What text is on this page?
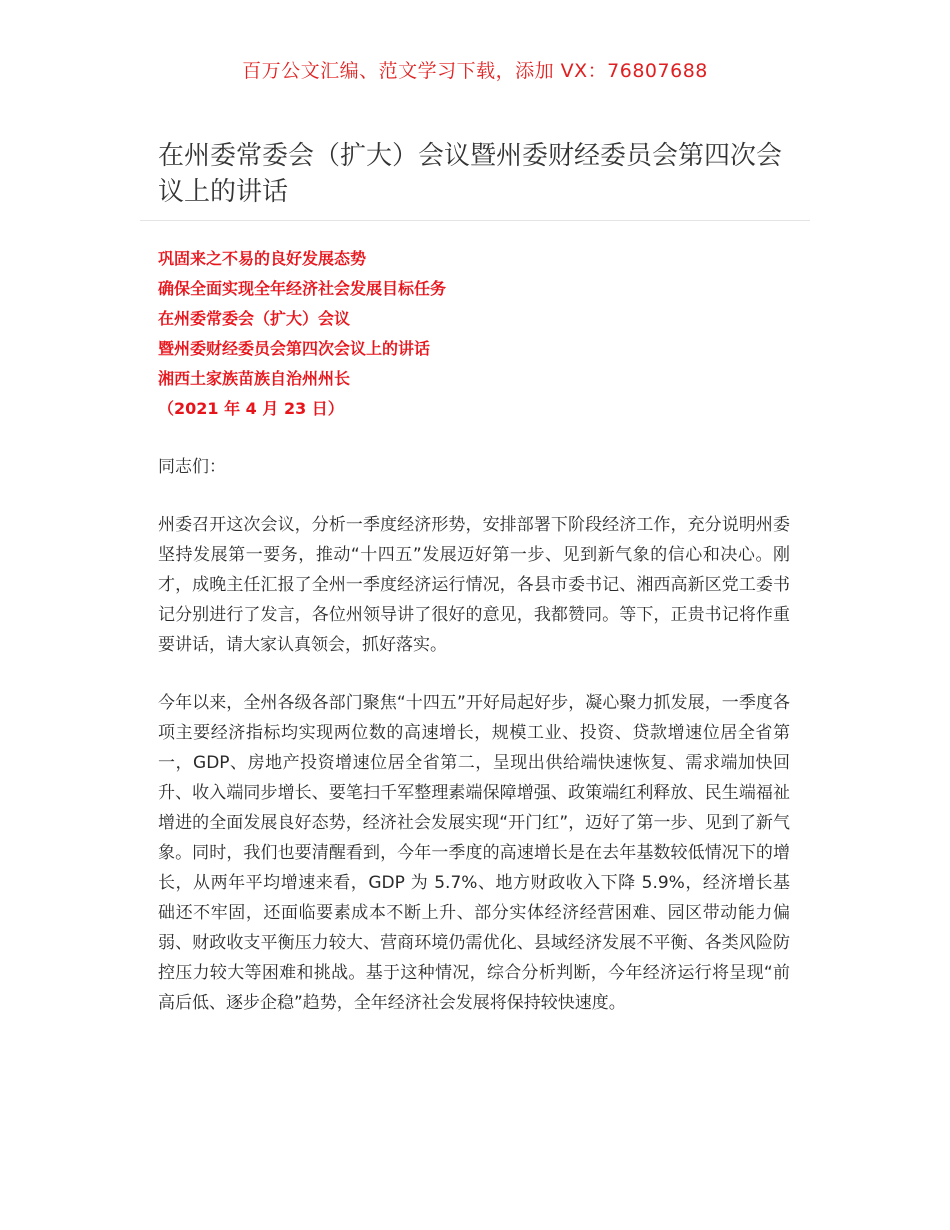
百万公文汇编、范文学习下载，添加 VX：76807688
在州委常委会（扩大）会议暨州委财经委员会第四次会议上的讲话
巩固来之不易的良好发展态势
确保全面实现全年经济社会发展目标任务
在州委常委会（扩大）会议
暨州委财经委员会第四次会议上的讲话
湘西土家族苗族自治州州长
（2021 年 4 月 23 日）
同志们：

州委召开这次会议，分析一季度经济形势，安排部署下阶段经济工作，充分说明州委坚持发展第一要务，推动“十四五”发展迈好第一步、见到新气象的信心和决心。刚才，成晚主任汇报了全州一季度经济运行情况，各县市委书记、湘西高新区党工委书记分别进行了发言，各位州领导讲了很好的意见，我都赞同。等下，正贵书记将作重要讲话，请大家认真领会，抓好落实。

今年以来，全州各级各部门聚焦“十四五”开好局起好步，凝心聚力抓发展，一季度各项主要经济指标均实现两位数的高速增长，规模工业、投资、贷款增速位居全省第一，GDP、房地产投资增速位居全省第二，呈现出供给端快速恢复、需求端加快回升、收入端同步增长、要笔扫千军整理素端保障增强、政策端红利释放、民生端福祉增进的全面发展良好态势，经济社会发展实现“开门红”，迈好了第一步、见到了新气象。同时，我们也要清醒看到，今年一季度的高速增长是在去年基数较低情况下的增长，从两年平均增速来看，GDP 为 5.7%、地方财政收入下降 5.9%，经济增长基础还不牢固，还面临要素成本不断上升、部分实体经济经营困难、园区带动能力偏弱、财政收支平衡压力较大、营商环境仍需优化、县域经济发展不平衡、各类风险防控压力较大等困难和挑战。基于这种情况，综合分析判断，今年经济运行将呈现“前高后低、逐步企稳”趋势，全年经济社会发展将保持较快速度。
